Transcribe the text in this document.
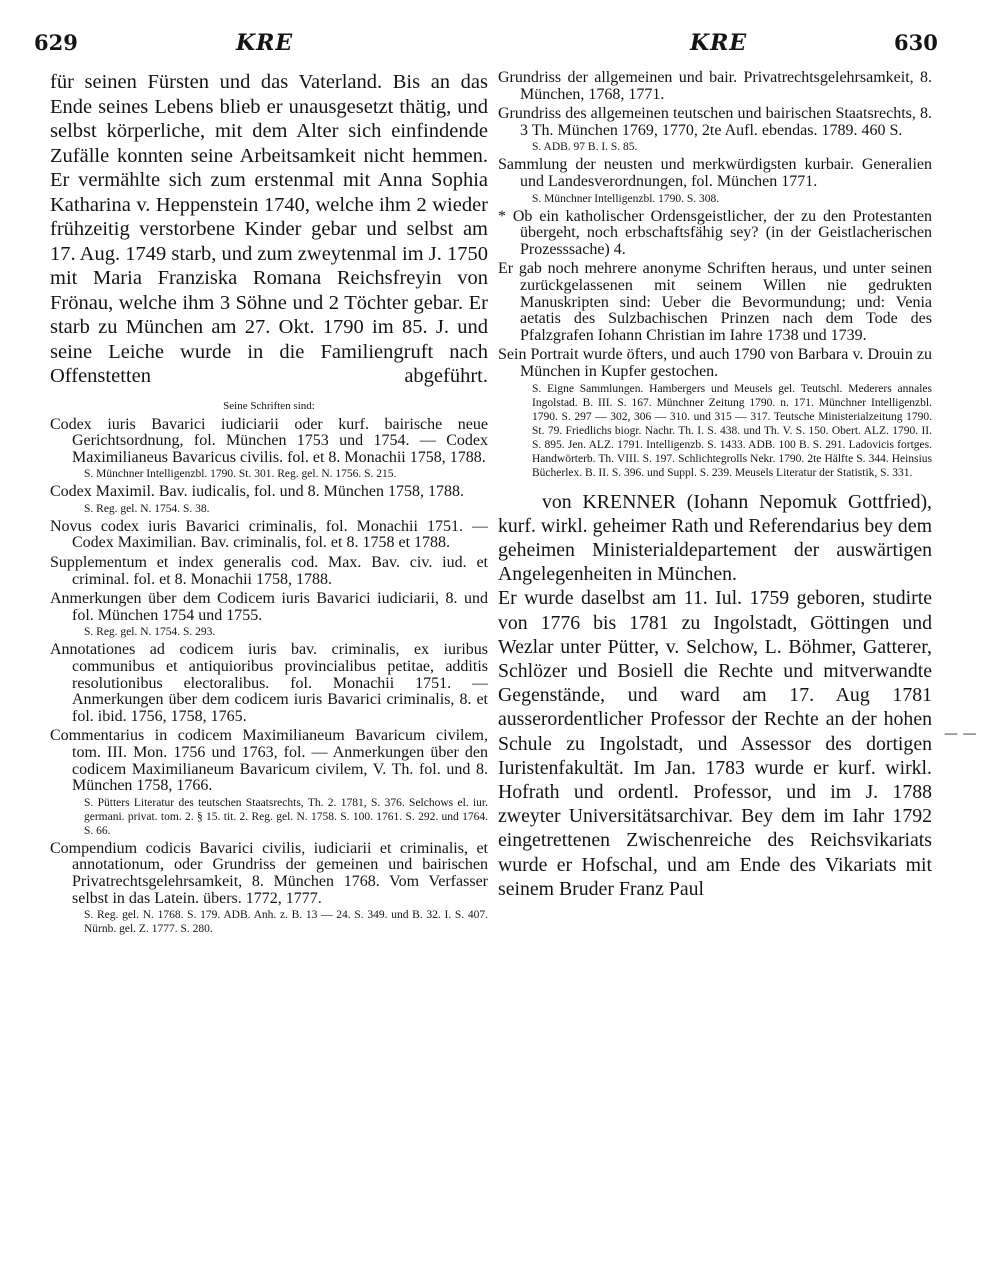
629	KRE	KRE	630

für seinen Fürsten und das Vaterland. Bis an das Ende seines Lebens blieb er unausgesetzt thätig, und selbst körperliche, mit dem Alter sich einfindende Zufälle konnten seine Arbeitsamkeit nicht hemmen. Er vermählte sich zum erstenmal mit Anna Sophia Katharina v. Heppenstein 1740, welche ihm 2 wieder frühzeitig verstorbene Kinder gebar und selbst am 17. Aug. 1749 starb, und zum zweytenmal im J. 1750 mit Maria Franziska Romana Reichsfreyin von Frönau, welche ihm 3 Söhne und 2 Töchter gebar. Er starb zu München am 27. Okt. 1790 im 85. J. und seine Leiche wurde in die Familiengruft nach Offenstetten abgeführt.

Seine Schriften sind:
Codex iuris Bavarici iudiciarii oder kurf. bairische neue Gerichtsordnung, fol. München 1753 und 1754. — Codex Maximilianeus Bavaricus civilis. fol. et 8. Monachii 1758, 1788.
S. Münchner Intelligenzbl. 1790. St. 301. Reg. gel. N. 1756. S. 215.
Codex Maximil. Bav. iudicalis, fol. und 8. München 1758, 1788.
S. Reg. gel. N. 1754. S. 38.
Novus codex iuris Bavarici criminalis, fol. Monachii 1751. — Codex Maximilian. Bav. criminalis, fol. et 8. 1758 et 1788.
Supplementum et index generalis cod. Max. Bav. civ. iud. et criminal. fol. et 8. Monachii 1758, 1788.
Anmerkungen über dem Codicem iuris Bavarici iudiciarii, 8. und fol. München 1754 und 1755.
S. Reg. gel. N. 1754. S. 293.
Annotationes ad codicem iuris bav. criminalis, ex iuribus communibus et antiquioribus provincialibus petitae, additis resolutionibus electoralibus. fol. Monachii 1751. — Anmerkungen über dem codicem iuris Bavarici criminalis, 8. et fol. ibid. 1756, 1758, 1765.
Commentarius in codicem Maximilianeum Bavaricum civilem, tom. III. Mon. 1756 und 1763, fol. — Anmerkungen über den codicem Maximilianeum Bavaricum civilem, V. Th. fol. und 8. München 1758, 1766.
S. Pütters Literatur des teutschen Staatsrechts, Th. 2. 1781, S. 376. Selchows el. iur. germani. privat. tom. 2. § 15. tit. 2. Reg. gel. N. 1758. S. 100. 1761. S. 292. und 1764. S. 66.
Compendium codicis Bavarici civilis, iudiciarii et criminalis, et annotationum, oder Grundriss der gemeinen und bairischen Privatrechtsgelehrsamkeit, 8. München 1768. Vom Verfasser selbst in das Latein. übers. 1772, 1777.
S. Reg. gel. N. 1768. S. 179. ADB. Anh. z. B. 13 — 24. S. 349. und B. 32. I. S. 407. Nürnb. gel. Z. 1777. S. 280.
Grundriss der allgemeinen und bair. Privatrechtsgelehrsamkeit, 8. München, 1768, 1771.
Grundriss des allgemeinen teutschen und bairischen Staatsrechts, 8. 3 Th. München 1769, 1770, 2te Aufl. ebendas. 1789. 460 S.
S. ADB. 97 B. I. S. 85.
Sammlung der neusten und merkwürdigsten kurbair. Generalien und Landesverordnungen, fol. München 1771.
S. Münchner Intelligenzbl. 1790. S. 308.
* Ob ein katholischer Ordensgeistlicher, der zu den Protestanten übergeht, noch erbschaftsfähig sey? (in der Geistlacherischen Prozesssache) 4.
Er gab noch mehrere anonyme Schriften heraus, und unter seinen zurückgelassenen mit seinem Willen nie gedrukten Manuskripten sind: Ueber die Bevormundung; und: Venia aetatis des Sulzbachischen Prinzen nach dem Tode des Pfalzgrafen Iohann Christian im Iahre 1738 und 1739.
Sein Portrait wurde öfters, und auch 1790 von Barbara v. Drouin zu München in Kupfer gestochen.
S. Eigne Sammlungen. Hambergers und Meusels gel. Teutschl. Mederers annales Ingolstad. B. III. S. 167. Münchner Zeitung 1790. n. 171. Münchner Intelligenzbl. 1790. S. 297 — 302, 306 — 310. und 315 — 317. Teutsche Ministerialzeitung 1790. St. 79. Friedlichs biogr. Nachr. Th. I. S. 438. und Th. V. S. 150. Obert. ALZ. 1790. II. S. 895. Jen. ALZ. 1791. Intelligenzb. S. 1433. ADB. 100 B. S. 291. Ladovicis fortges. Handwörterb. Th. VIII. S. 197. Schlichtegrolls Nekr. 1790. 2te Hälfte S. 344. Heinsius Bücherlex. B. II. S. 396. und Suppl. S. 239. Meusels Literatur der Statistik, S. 331.

von KRENNER (Iohann Nepomuk Gottfried), kurf. wirkl. geheimer Rath und Referendarius bey dem geheimen Ministerialdepartement der auswärtigen Angelegenheiten in München.

Er wurde daselbst am 11. Iul. 1759 geboren, studirte von 1776 bis 1781 zu Ingolstadt, Göttingen und Wezlar unter Pütter, v. Selchow, L. Böhmer, Gatterer, Schlözer und Bosiell die Rechte und mitverwandte Gegenstände, und ward am 17. Aug 1781 ausserordentlicher Professor der Rechte an der hohen Schule zu Ingolstadt, und Assessor des dortigen Iuristenfakultät. Im Jan. 1783 wurde er kurf. wirkl. Hofrath und ordentl. Professor, und im J. 1788 zweyter Universitätsarchivar. Bey dem im Iahr 1792 eingetrettenen Zwischenreiche des Reichsvikariats wurde er Hofschal, und am Ende des Vikariats mit seinem Bruder Franz Paul

— —
